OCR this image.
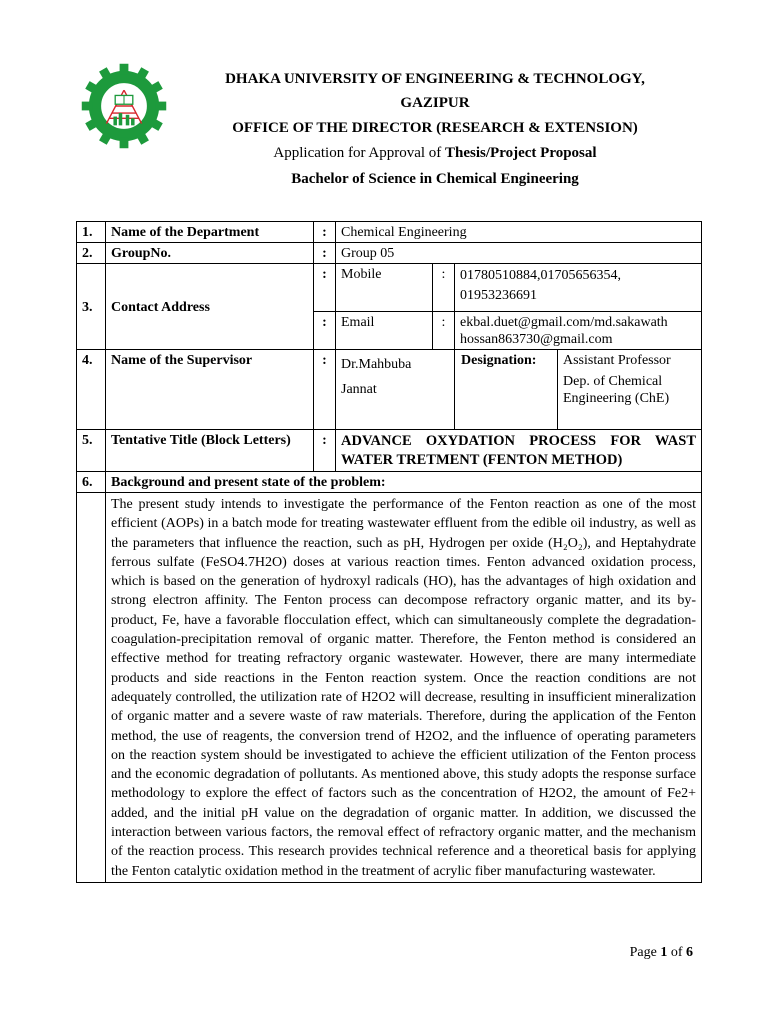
DHAKA UNIVERSITY OF ENGINEERING & TECHNOLOGY,
GAZIPUR
OFFICE OF THE DIRECTOR (RESEARCH & EXTENSION)
Application for Approval of Thesis/Project Proposal
Bachelor of Science in Chemical Engineering
1.	Name of the Department	:	Chemical Engineering			
2.	GroupNo.	:	Group 05			
3.	Contact Address	:	Mobile	:	01780510884,01705656354, 01953236691	
		:	Email	:	ekbal.duet@gmail.com/md.sakawath hossan863730@gmail.com	
4.	Name of the Supervisor	:	Dr.Mahbuba Jannat		Designation:	Assistant Professor
Dep. of Chemical Engineering (ChE)

5.	Tentative Title (Block Letters)	:	ADVANCE OXYDATION PROCESS FOR WAST WATER TRETMENT (FENTON METHOD)			
6.	Background and present state of the problem:					
	The present study intends to investigate the performance of the Fenton reaction as one of the most efficient (AOPs) in a batch mode for treating wastewater effluent from the edible oil industry, as well as the parameters that influence the reaction, such as pH, Hydrogen per oxide (H₂O₂), and Heptahydrate ferrous sulfate (FeSO4.7H2O) doses at various reaction times. Fenton advanced oxidation process, which is based on the generation of hydroxyl radicals (HO), has the advantages of high oxidation and strong electron affinity. The Fenton process can decompose refractory organic matter, and its by-product, Fe, have a favorable flocculation effect, which can simultaneously complete the degradation- coagulation-precipitation removal of organic matter. Therefore, the Fenton method is considered an effective method for treating refractory organic wastewater. However, there are many intermediate products and side reactions in the Fenton reaction system. Once the reaction conditions are not adequately controlled, the utilization rate of H2O2 will decrease, resulting in insufficient mineralization of organic matter and a severe waste of raw materials. Therefore, during the application of the Fenton method, the use of reagents, the conversion trend of H2O2, and the influence of operating parameters on the reaction system should be investigated to achieve the efficient utilization of the Fenton process and the economic degradation of pollutants. As mentioned above, this study adopts the response surface methodology to explore the effect of factors such as the concentration of H2O2, the amount of Fe2+ added, and the initial pH value on the degradation of organic matter. In addition, we discussed the interaction between various factors, the removal effect of refractory organic matter, and the mechanism of the reaction process. This research provides technical reference and a theoretical basis for applying the Fenton catalytic oxidation method in the treatment of acrylic fiber manufacturing wastewater.					
Page 1 of 6
